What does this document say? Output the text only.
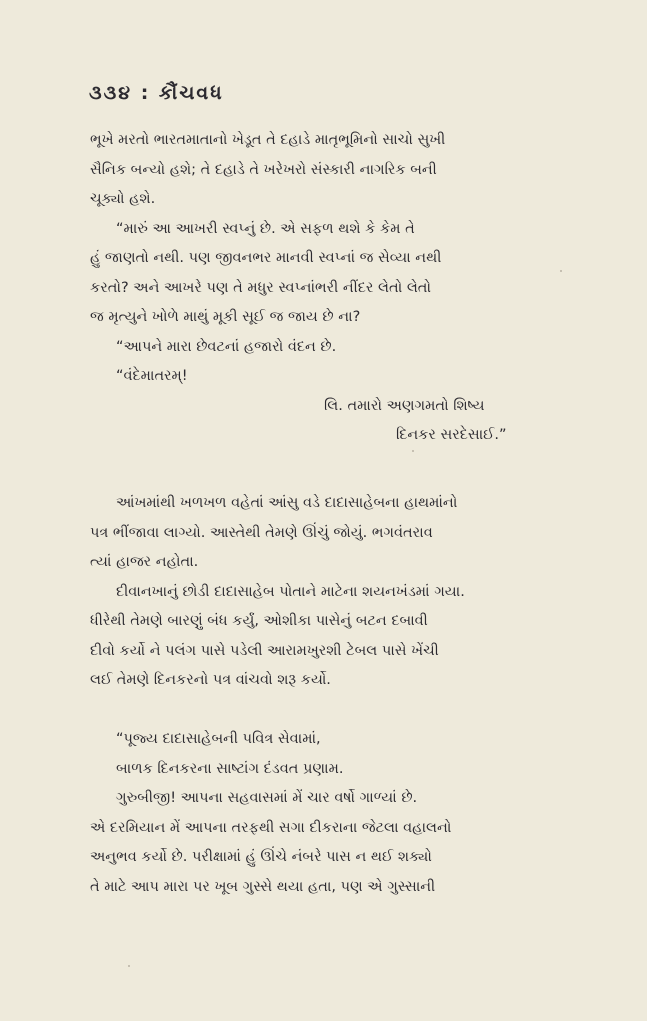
૩૩૪ : કૌંચવધ
ભૂખે મરતો ભારતમાતાનો ખેડૂત તે દહાડે માતૃભૂમિનો સાચો સુખી
સૈનિક બન્યો હશે; તે દહાડે તે ખરેખરો સંસ્કારી નાગરિક બની
ચૂક્યો હશે.
“મારું આ આખરી સ્વપ્નું છે. એ સફળ થશે કે કેમ તે
હું જાણતો નથી. પણ જીવનભર માનવી સ્વપ્નાં જ સેવ્યા નથી
કરતો? અને આખરે પણ તે મધુર સ્વપ્નાંભરી નીંદર લેતો લેતો
જ મૃત્યુને ખોળે માથું મૂકી સૂઈ જ જાય છે ના?
“આપને મારા છેવટનાં હજારો વંદન છે.
“વંદેમાતરમ્!
લિ. તમારો અણગમતો શિષ્ય
દિનકર સરદેસાઈ.”
આંખમાંથી ખળખળ વહેતાં આંસુ વડે દાદાસાહેબના હાથમાંનો
પત્ર ભીંજાવા લાગ્યો. આસ્તેથી તેમણે ઊંચું જોયું. ભગવંતરાવ
ત્યાં હાજર નહોતા.
દીવાનખાનું છોડી દાદાસાહેબ પોતાને માટેના શયનખંડમાં ગયા.
ધીરેથી તેમણે બારણું બંધ કર્યું, ઓશીકા પાસેનું બટન દબાવી
દીવો કર્યો ને પલંગ પાસે પડેલી આરામખુરશી ટેબલ પાસે ખેંચી
લઈ તેમણે દિનકરનો પત્ર વાંચવો શરૂ કર્યો.
“પૂજ્ય દાદાસાહેબની પવિત્ર સેવામાં,
બાળક દિનકરના સાષ્ટાંગ દંડવત પ્રણામ.
ગુરુબીજી! આપના સહવાસમાં મેં ચાર વર્ષો ગાળ્યાં છે.
એ દરમિયાન મેં આપના તરફથી સગા દીકરાના જેટલા વહાલનો
અનુભવ કર્યો છે. પરીક્ષામાં હું ઊંચે નંબરે પાસ ન થઈ શક્યો
તે માટે આપ મારા પર ખૂબ ગુસ્સે થયા હતા, પણ એ ગુસ્સાની
